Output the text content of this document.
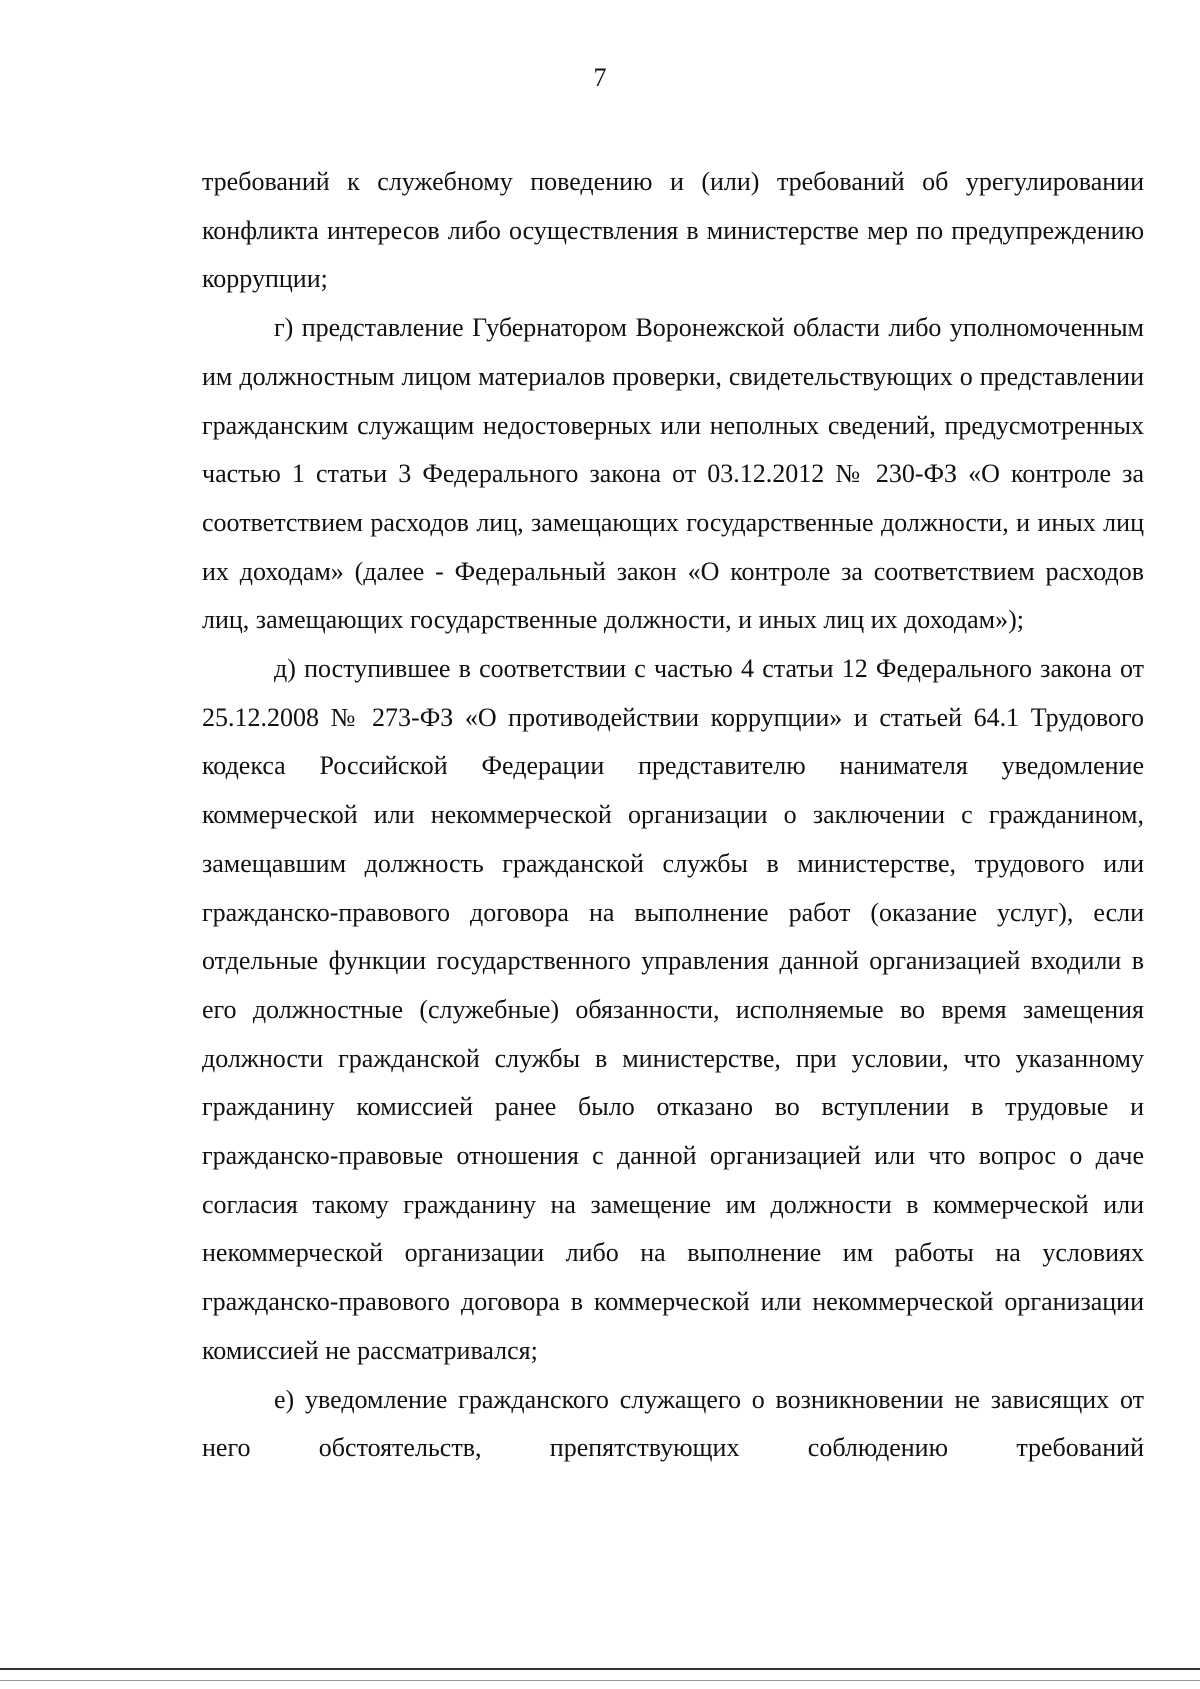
7

требований к служебному поведению и (или) требований об урегулировании конфликта интересов либо осуществления в министерстве мер по предупреждению коррупции;

г) представление Губернатором Воронежской области либо уполномоченным им должностным лицом материалов проверки, свидетельствующих о представлении гражданским служащим недостоверных или неполных сведений, предусмотренных частью 1 статьи 3 Федерального закона от 03.12.2012 № 230-ФЗ «О контроле за соответствием расходов лиц, замещающих государственные должности, и иных лиц их доходам» (далее - Федеральный закон «О контроле за соответствием расходов лиц, замещающих государственные должности, и иных лиц их доходам»);

д) поступившее в соответствии с частью 4 статьи 12 Федерального закона от 25.12.2008 № 273-ФЗ «О противодействии коррупции» и статьей 64.1 Трудового кодекса Российской Федерации представителю нанимателя уведомление коммерческой или некоммерческой организации о заключении с гражданином, замещавшим должность гражданской службы в министерстве, трудового или гражданско-правового договора на выполнение работ (оказание услуг), если отдельные функции государственного управления данной организацией входили в его должностные (служебные) обязанности, исполняемые во время замещения должности гражданской службы в министерстве, при условии, что указанному гражданину комиссией ранее было отказано во вступлении в трудовые и гражданско-правовые отношения с данной организацией или что вопрос о даче согласия такому гражданину на замещение им должности в коммерческой или некоммерческой организации либо на выполнение им работы на условиях гражданско-правового договора в коммерческой или некоммерческой организации комиссией не рассматривался;

е) уведомление гражданского служащего о возникновении не зависящих от него обстоятельств, препятствующих соблюдению требований
